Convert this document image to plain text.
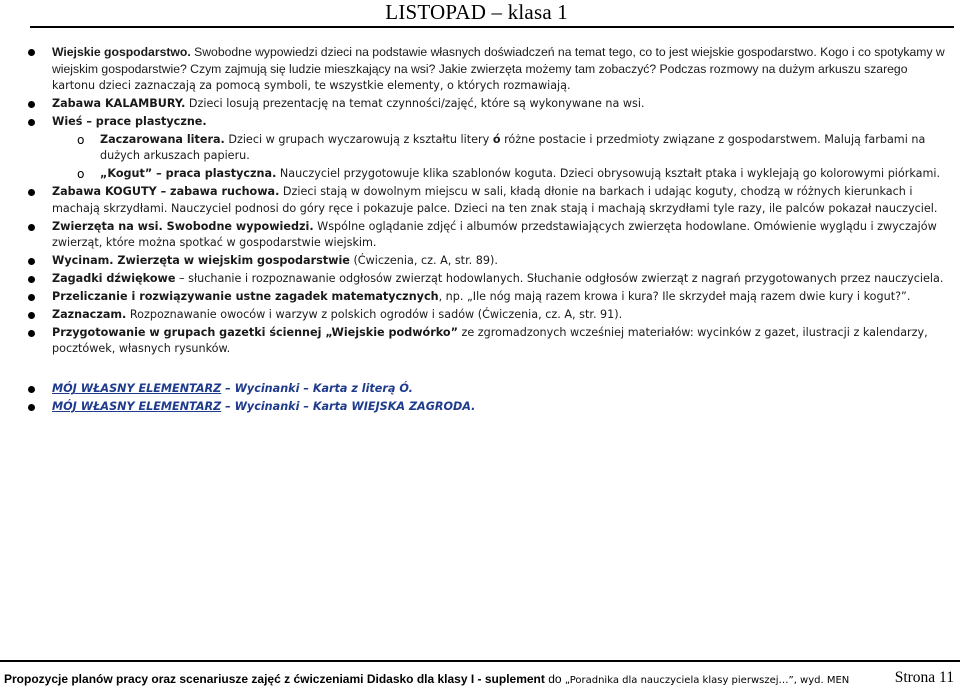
LISTOPAD – klasa 1
Wiejskie gospodarstwo. Swobodne wypowiedzi dzieci na podstawie własnych doświadczeń na temat tego, co to jest wiejskie gospodarstwo. Kogo i co spotykamy w wiejskim gospodarstwie? Czym zajmują się ludzie mieszkający na wsi? Jakie zwierzęta możemy tam zobaczyć? Podczas rozmowy na dużym arkuszu szarego kartonu dzieci zaznaczają za pomocą symboli, te wszystkie elementy, o których rozmawiają.
Zabawa KALAMBURY. Dzieci losują prezentację na temat czynności/zajęć, które są wykonywane na wsi.
Wieś – prace plastyczne.
o Zaczarowana litera. Dzieci w grupach wyczarowują z kształtu litery ó różne postacie i przedmioty związane z gospodarstwem. Malują farbami na dużych arkuszach papieru.
o „Kogut” – praca plastyczna. Nauczyciel przygotowuje klika szablonów koguta. Dzieci obrysowują kształt ptaka i wyklejają go kolorowymi piórkami.
Zabawa KOGUTY – zabawa ruchowa. Dzieci stają w dowolnym miejscu w sali, kładą dłonie na barkach i udając koguty, chodzą w różnych kierunkach i machają skrzydłami. Nauczyciel podnosi do góry ręce i pokazuje palce. Dzieci na ten znak stają i machają skrzydłami tyle razy, ile palców pokazał nauczyciel.
Zwierzęta na wsi. Swobodne wypowiedzi. Wspólne oglądanie zdjęć i albumów przedstawiających zwierzęta hodowlane. Omówienie wyglądu i zwyczajów zwierząt, które można spotkać w gospodarstwie wiejskim.
Wycinam. Zwierzęta w wiejskim gospodarstwie (Ćwiczenia, cz. A, str. 89).
Zagadki dźwiękowe – słuchanie i rozpoznawanie odgłosów zwierząt hodowlanych. Słuchanie odgłosów zwierząt z nagrań przygotowanych przez nauczyciela.
Przeliczanie i rozwiązywanie ustne zagadek matematycznych, np. „Ile nóg mają razem krowa i kura? Ile skrzydeł mają razem dwie kury i kogut?”.
Zaznaczam. Rozpoznawanie owoców i warzyw z polskich ogrodów i sadów (Ćwiczenia, cz. A, str. 91).
Przygotowanie w grupach gazetki ściennej „Wiejskie podwórko” ze zgromadzonych wcześniej materiałów: wycinków z gazet, ilustracji z kalendarzy, pocztówek, własnych rysunków.
MÓJ WŁASNY ELEMENTARZ – Wycinanki – Karta z literą Ó.
MÓJ WŁASNY ELEMENTARZ – Wycinanki – Karta WIEJSKA ZAGRODA.
Propozycje planów pracy oraz scenariusze zajęć z ćwiczeniami Didasko dla klasy I - suplement do „Poradnika dla nauczyciela klasy pierwszej…”, wyd. MEN	Strona 11
